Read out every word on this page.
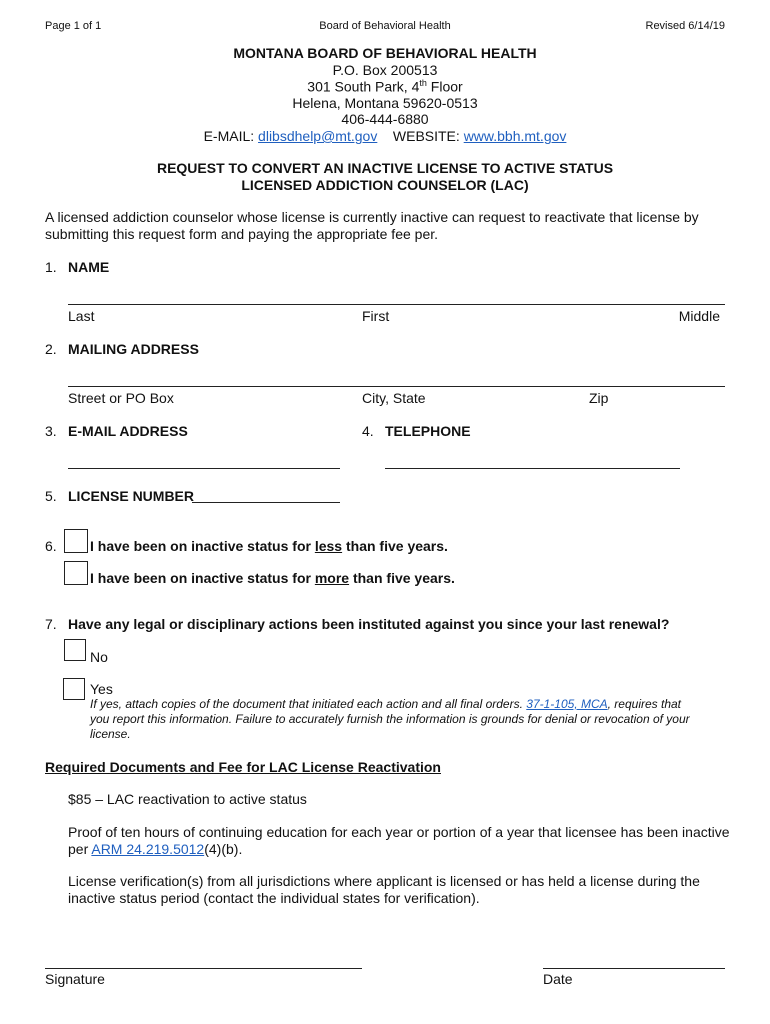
Page 1 of 1	Board of Behavioral Health	Revised 6/14/19
MONTANA BOARD OF BEHAVIORAL HEALTH
P.O. Box 200513
301 South Park, 4th Floor
Helena, Montana 59620-0513
406-444-6880
E-MAIL: dlibsdhelp@mt.gov WEBSITE: www.bbh.mt.gov
REQUEST TO CONVERT AN INACTIVE LICENSE TO ACTIVE STATUS
LICENSED ADDICTION COUNSELOR (LAC)
A licensed addiction counselor whose license is currently inactive can request to reactivate that license by
submitting this request form and paying the appropriate fee per.
1. NAME
Last	First	Middle
2. MAILING ADDRESS
Street or PO Box	City, State	Zip
3. E-MAIL ADDRESS	4. TELEPHONE
5. LICENSE NUMBER
6. I have been on inactive status for less than five years.
I have been on inactive status for more than five years.
7. Have any legal or disciplinary actions been instituted against you since your last renewal?
No
Yes
If yes, attach copies of the document that initiated each action and all final orders. 37-1-105, MCA, requires that
you report this information. Failure to accurately furnish the information is grounds for denial or revocation of your
license.
Required Documents and Fee for LAC License Reactivation
$85 – LAC reactivation to active status
Proof of ten hours of continuing education for each year or portion of a year that licensee has been inactive
per ARM 24.219.5012(4)(b).
License verification(s) from all jurisdictions where applicant is licensed or has held a license during the
inactive status period (contact the individual states for verification).
Signature	Date
